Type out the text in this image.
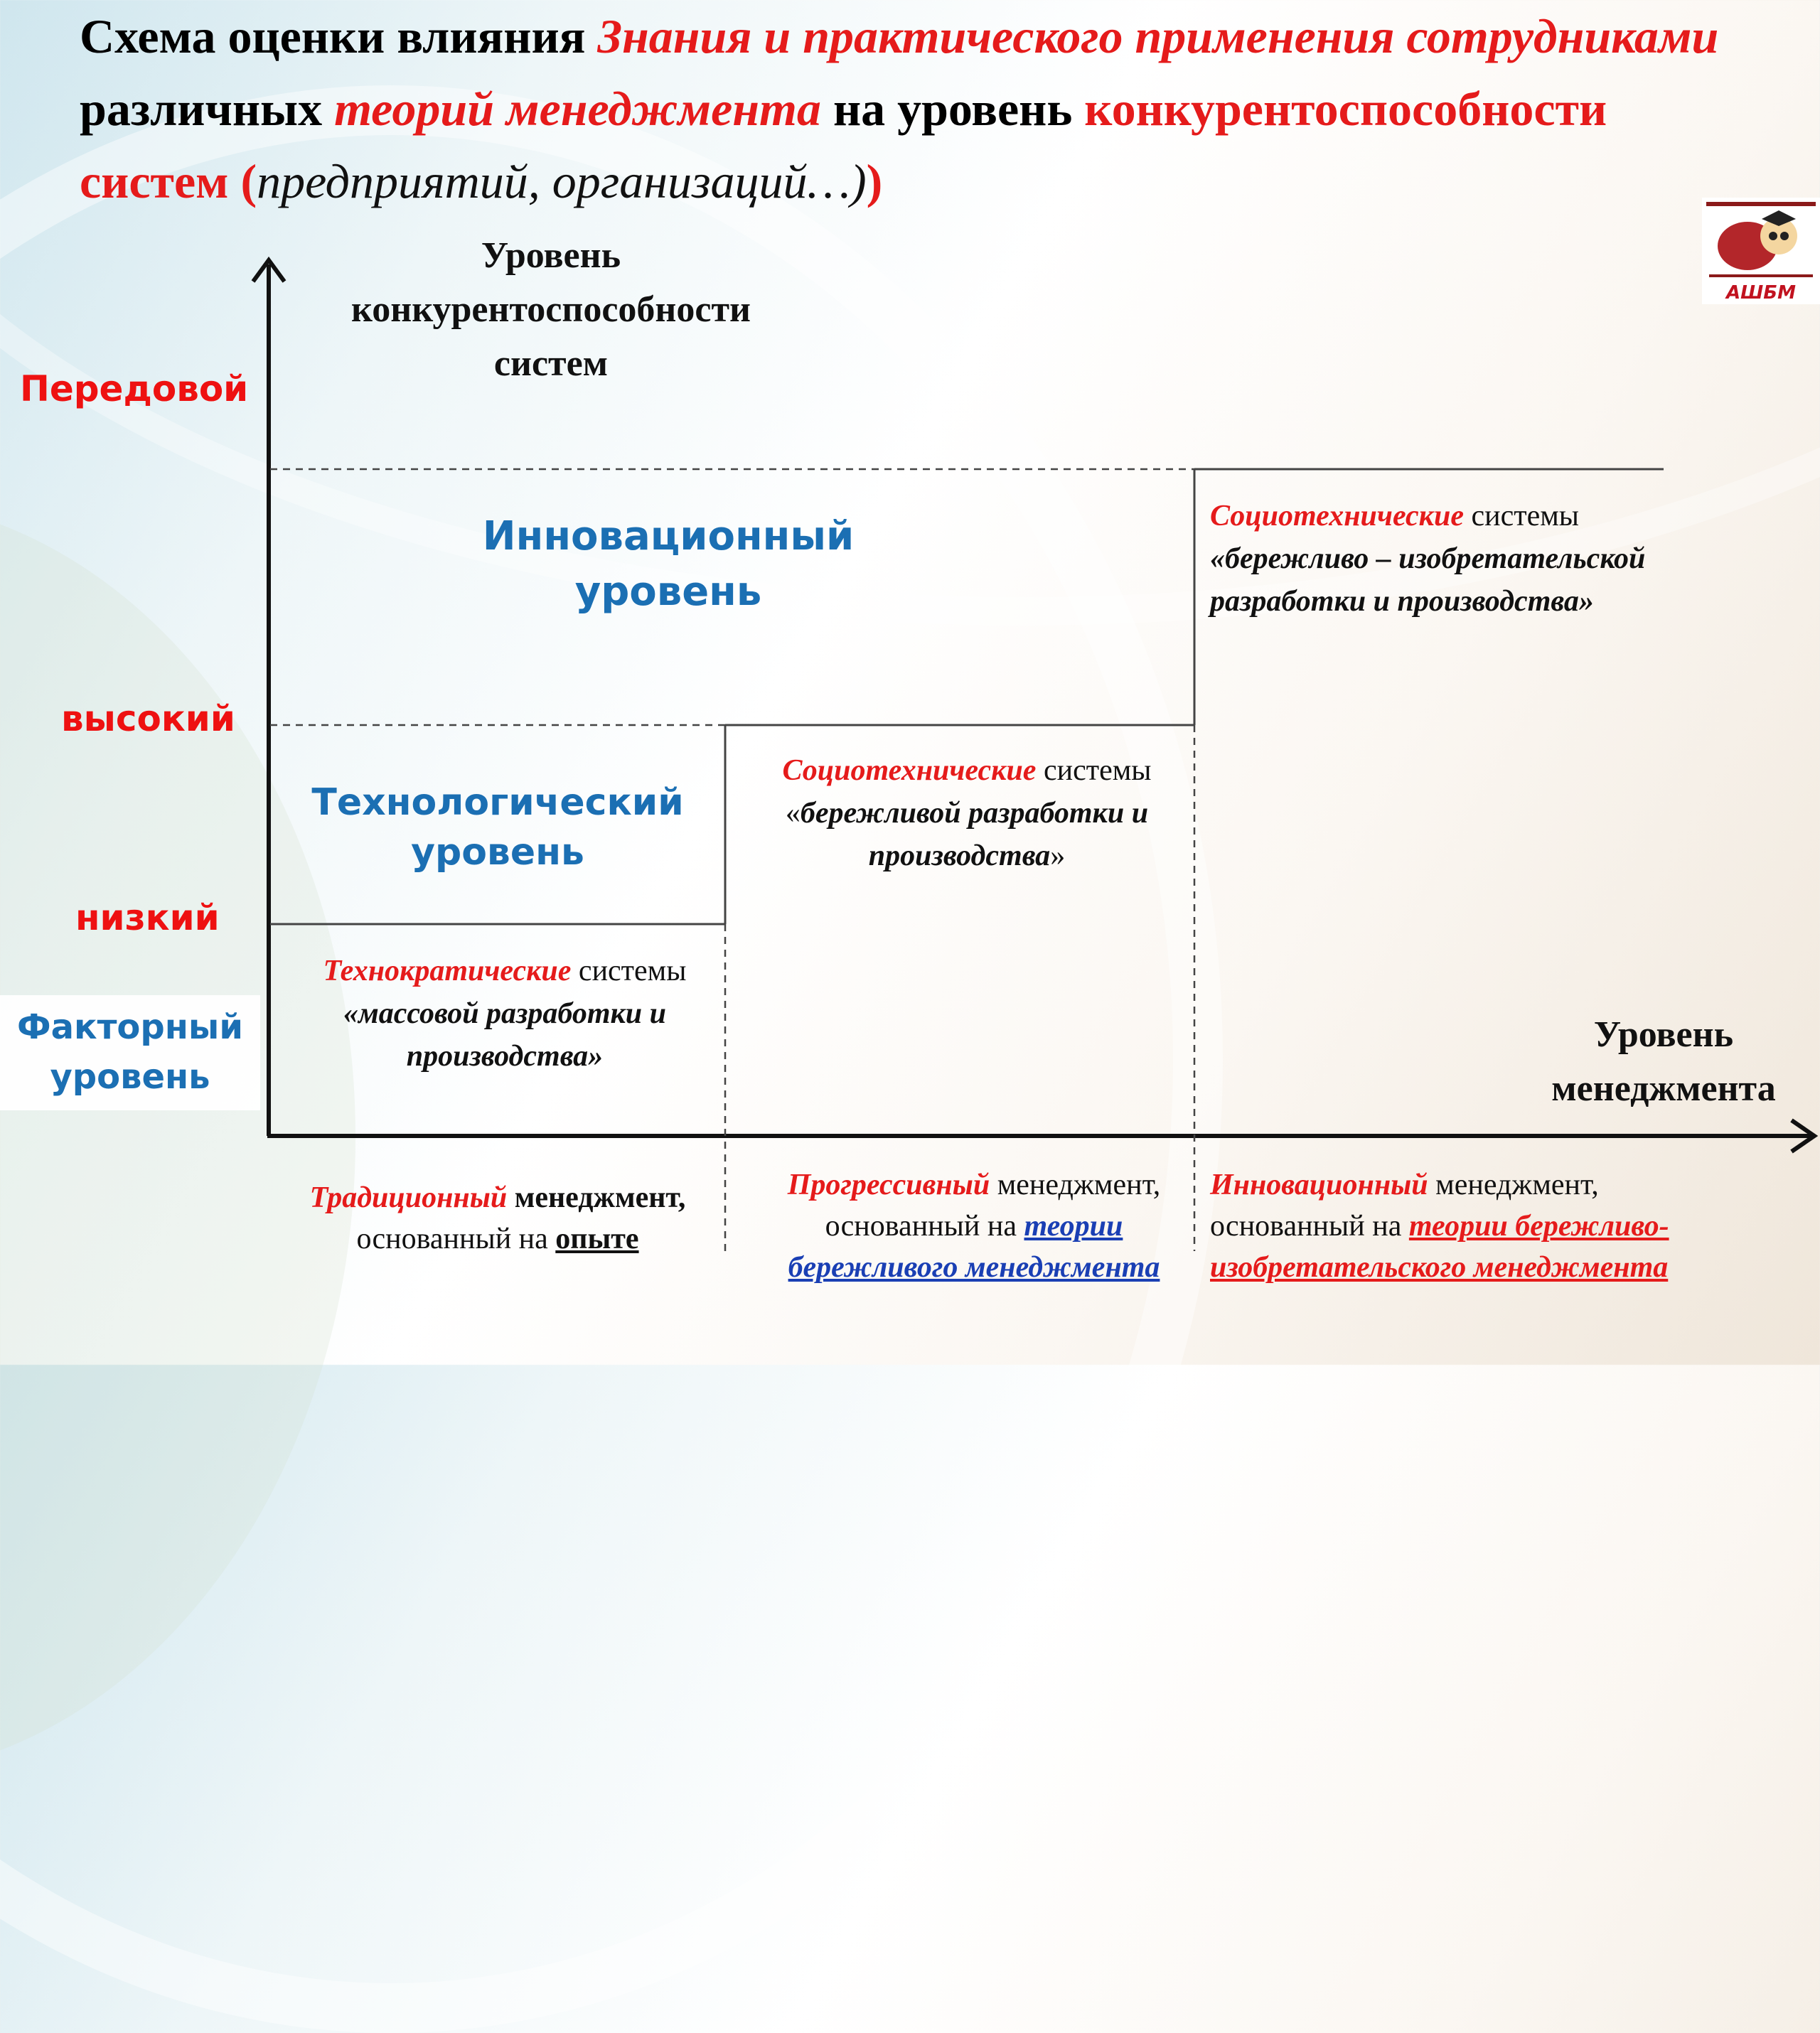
Схема оценки влияния Знания и практического применения сотрудниками различных теорий менеджмента на уровень конкурентоспособности систем (предприятий, организаций…))
АШБМ
Уровень
конкурентоспособности
систем
Уровень
менеджмента
Передовой
высокий
низкий
Факторный
уровень
Инновационный
уровень
Технологический
уровень
Технократические системы
«массовой разработки и производства»
Социотехнические системы
«бережливой разработки и производства»
Социотехнические системы
«бережливо – изобретательской разработки и производства»
Традиционный менеджмент,
основанный на опыте
Прогрессивный менеджмент,
основанный на теории бережливого менеджмента
Инновационный менеджмент,
основанный на теории бережливо-изобретательского менеджмента
